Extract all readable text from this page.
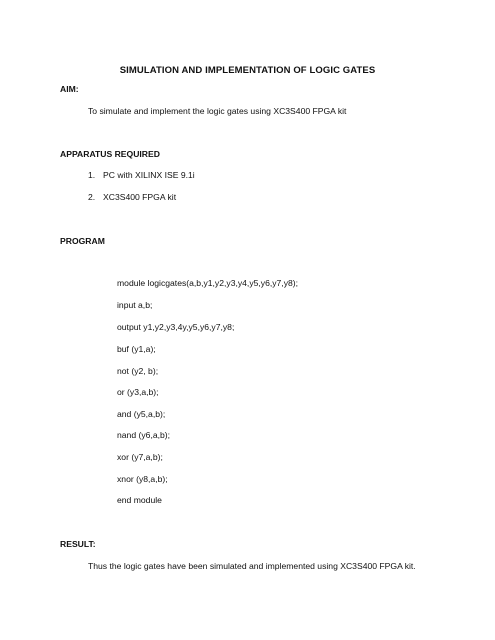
SIMULATION AND IMPLEMENTATION OF LOGIC GATES
AIM:
To simulate and implement the logic gates using XC3S400 FPGA kit
APPARATUS REQUIRED
1. PC with XILINX ISE 9.1i
2. XC3S400 FPGA kit
PROGRAM
module logicgates(a,b,y1,y2,y3,y4,y5,y6,y7,y8);
input a,b;
output y1,y2,y3,4y,y5,y6,y7,y8;
buf (y1,a);
not (y2, b);
or (y3,a,b);
and (y5,a,b);
nand (y6,a,b);
xor (y7,a,b);
xnor (y8,a,b);
end module
RESULT:
Thus the logic gates have been simulated and implemented using XC3S400 FPGA kit.
